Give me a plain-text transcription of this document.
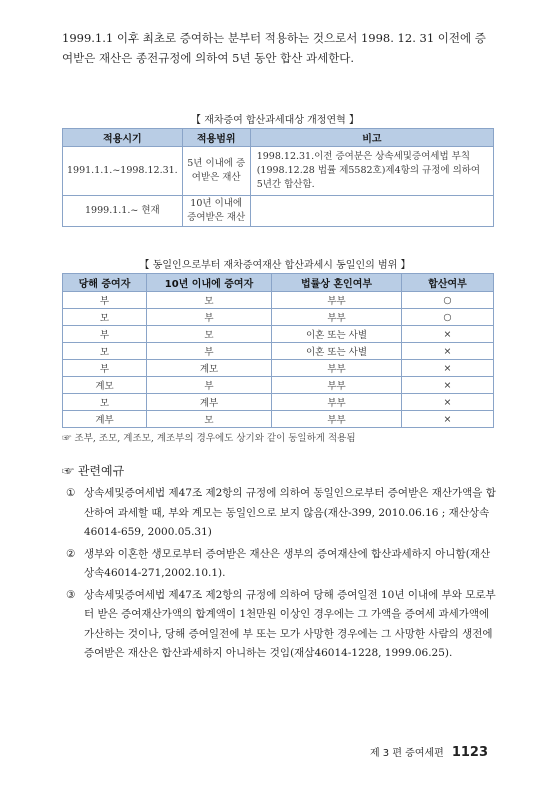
1999.1.1 이후 최초로 증여하는 분부터 적용하는 것으로서 1998. 12. 31 이전에 증여받은 재산은 종전규정에 의하여 5년 동안 합산 과세한다.
【 재차증여 합산과세대상 개정연혁 】
적용시기	적용범위	비고
1991.1.1.~1998.12.31.	5년 이내에 증여받은 재산	1998.12.31.이전 증여분은 상속세및증여세법 부칙(1998.12.28 법률 제5582호)제4항의 규정에 의하여 5년간 합산함.
1999.1.1.~ 현재	10년 이내에 증여받은 재산	
【 동일인으로부터 재차증여재산 합산과세시 동일인의 범위 】
당해 증여자	10년 이내에 증여자	법률상 혼인여부	합산여부
부	모	부부	○
모	부	부부	○
부	모	이혼 또는 사별	×
모	부	이혼 또는 사별	×
부	계모	부부	×
계모	부	부부	×
모	계부	부부	×
계부	모	부부	×
☞ 조부, 조모, 계조모, 계조부의 경우에도 상기와 같이 동일하게 적용됨
☞ 관련예규
① 상속세및증여세법 제47조 제2항의 규정에 의하여 동일인으로부터 증여받은 재산가액을 합산하여 과세할 때, 부와 계모는 동일인으로 보지 않음(재산-399, 2010.06.16 ; 재산상속46014-659, 2000.05.31)
② 생부와 이혼한 생모로부터 증여받은 재산은 생부의 증여재산에 합산과세하지 아니함(재산상속46014-271,2002.10.1).
③ 상속세및증여세법 제47조 제2항의 규정에 의하여 당해 증여일전 10년 이내에 부와 모로부터 받은 증여재산가액의 합계액이 1천만원 이상인 경우에는 그 가액을 증여세 과세가액에 가산하는 것이나, 당해 증여일전에 부 또는 모가 사망한 경우에는 그 사망한 사람의 생전에 증여받은 재산은 합산과세하지 아니하는 것임(재삼46014-1228, 1999.06.25).
제 3 편 증여세편 1123
